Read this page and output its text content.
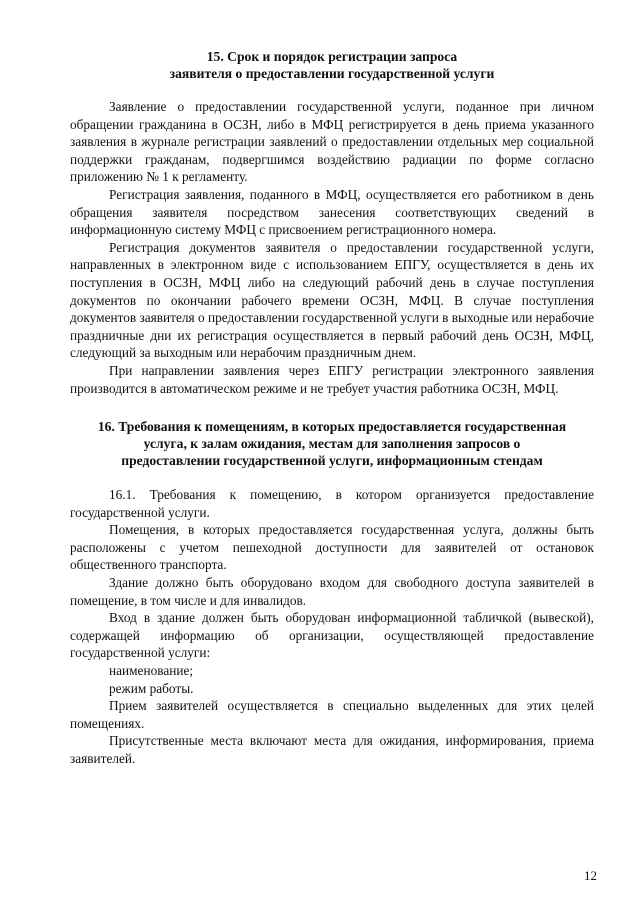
15. Срок и порядок регистрации запроса
заявителя о предоставлении государственной услуги

Заявление о предоставлении государственной услуги, поданное при личном обращении гражданина в ОСЗН, либо в МФЦ регистрируется в день приема указанного заявления в журнале регистрации заявлений о предоставлении отдельных мер социальной поддержки гражданам, подвергшимся воздействию радиации по форме согласно приложению № 1 к регламенту.

Регистрация заявления, поданного в МФЦ, осуществляется его работником в день обращения заявителя посредством занесения соответствующих сведений в информационную систему МФЦ с присвоением регистрационного номера.

Регистрация документов заявителя о предоставлении государственной услуги, направленных в электронном виде с использованием ЕПГУ, осуществляется в день их поступления в ОСЗН, МФЦ либо на следующий рабочий день в случае поступления документов по окончании рабочего времени ОСЗН, МФЦ. В случае поступления документов заявителя о предоставлении государственной услуги в выходные или нерабочие праздничные дни их регистрация осуществляется в первый рабочий день ОСЗН, МФЦ, следующий за выходным или нерабочим праздничным днем.

При направлении заявления через ЕПГУ регистрации электронного заявления производится в автоматическом режиме и не требует участия работника ОСЗН, МФЦ.

16. Требования к помещениям, в которых предоставляется государственная
услуга, к залам ожидания, местам для заполнения запросов о
предоставлении государственной услуги, информационным стендам

16.1. Требования к помещению, в котором организуется предоставление государственной услуги.

Помещения, в которых предоставляется государственная услуга, должны быть расположены с учетом пешеходной доступности для заявителей от остановок общественного транспорта.

Здание должно быть оборудовано входом для свободного доступа заявителей в помещение, в том числе и для инвалидов.

Вход в здание должен быть оборудован информационной табличкой (вывеской), содержащей информацию об организации, осуществляющей предоставление государственной услуги:

наименование;

режим работы.

Прием заявителей осуществляется в специально выделенных для этих целей помещениях.

Присутственные места включают места для ожидания, информирования, приема заявителей.

12
